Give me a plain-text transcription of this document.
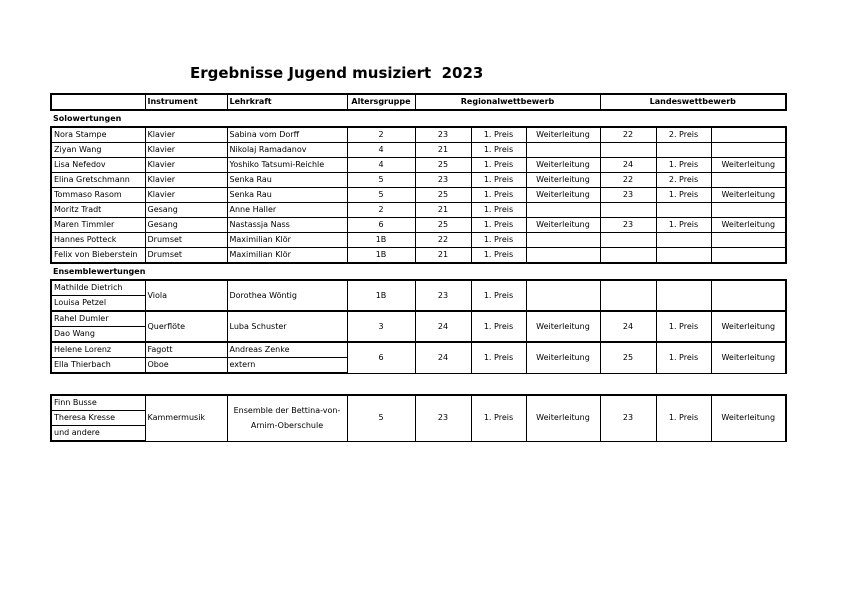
Ergebnisse Jugend musiziert  2023
	Instrument	Lehrkraft	Altersgruppe	Regionalwettbewerb			Landeswettbewerb		
Solowertungen									
Nora Stampe	Klavier	Sabina vom Dorff	2	23	1. Preis	Weiterleitung	22	2. Preis	
Ziyan Wang	Klavier	Nikolaj Ramadanov	4	21	1. Preis				
Lisa Nefedov	Klavier	Yoshiko Tatsumi-Reichle	4	25	1. Preis	Weiterleitung	24	1. Preis	Weiterleitung
Elina Gretschmann	Klavier	Senka Rau	5	23	1. Preis	Weiterleitung	22	2. Preis	
Tommaso Rasom	Klavier	Senka Rau	5	25	1. Preis	Weiterleitung	23	1. Preis	Weiterleitung
Moritz Tradt	Gesang	Anne Haller	2	21	1. Preis				
Maren Timmler	Gesang	Nastassja Nass	6	25	1. Preis	Weiterleitung	23	1. Preis	Weiterleitung
Hannes Potteck	Drumset	Maximilian Klör	1B	22	1. Preis				
Felix von Bieberstein	Drumset	Maximilian Klör	1B	21	1. Preis				
Ensemblewertungen									
Mathilde Dietrich	Viola	Dorothea Wöntig	1B	23	1. Preis				
Louisa Petzel									
Rahel Dumler	Querflöte	Luba Schuster	3	24	1. Preis	Weiterleitung	24	1. Preis	Weiterleitung
Dao Wang									
Helene Lorenz	Fagott	Andreas Zenke	6	24	1. Preis	Weiterleitung	25	1. Preis	Weiterleitung
Ella Thierbach	Oboe	extern							
Finn Busse	Kammermusik	Ensemble der Bettina-von-Arnim-Oberschule	5	23	1. Preis	Weiterleitung	23	1. Preis	Weiterleitung
Theresa Kresse
und andere
